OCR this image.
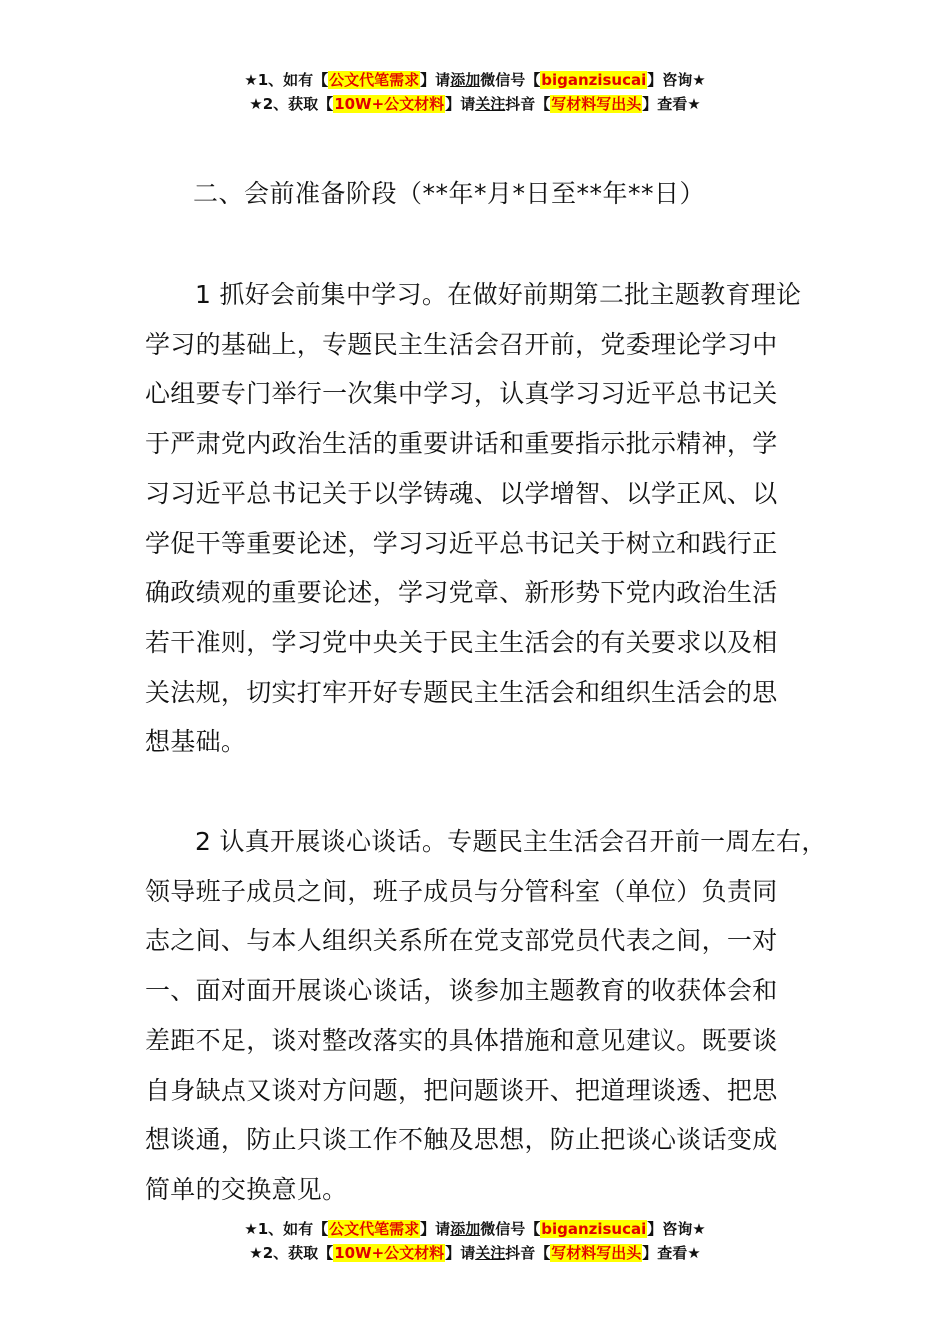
★1、如有【公文代笔需求】请添加微信号【biganzisucai】咨询★
★2、获取【10W+公文材料】请关注抖音【写材料写出头】查看★
二、会前准备阶段（**年*月*日至**年**日）
1 抓好会前集中学习。在做好前期第二批主题教育理论
学习的基础上，专题民主生活会召开前，党委理论学习中
心组要专门举行一次集中学习，认真学习习近平总书记关
于严肃党内政治生活的重要讲话和重要指示批示精神，学
习习近平总书记关于以学铸魂、以学增智、以学正风、以
学促干等重要论述，学习习近平总书记关于树立和践行正
确政绩观的重要论述，学习党章、新形势下党内政治生活
若干准则，学习党中央关于民主生活会的有关要求以及相
关法规，切实打牢开好专题民主生活会和组织生活会的思
想基础。
2 认真开展谈心谈话。专题民主生活会召开前一周左右，
领导班子成员之间，班子成员与分管科室（单位）负责同
志之间、与本人组织关系所在党支部党员代表之间，一对
一、面对面开展谈心谈话，谈参加主题教育的收获体会和
差距不足，谈对整改落实的具体措施和意见建议。既要谈
自身缺点又谈对方问题，把问题谈开、把道理谈透、把思
想谈通，防止只谈工作不触及思想，防止把谈心谈话变成
简单的交换意见。
★1、如有【公文代笔需求】请添加微信号【biganzisucai】咨询★
★2、获取【10W+公文材料】请关注抖音【写材料写出头】查看★
